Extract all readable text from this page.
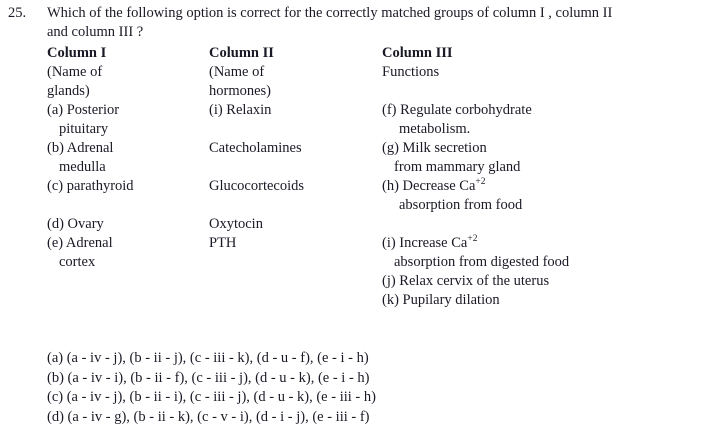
25.	Which of the following option is correct for the correctly matched groups of column I , column II
and column III ?
Column I
(Name of
glands)
(a) Posterior
pituitary
(b) Adrenal
medulla
(c) parathyroid

(d) Ovary
(e) Adrenal
cortex
Column II
(Name of
hormones)
(i) Relaxin

Catecholamines

Glucocortecoids

Oxytocin
PTH

Column III
Functions

(f) Regulate corbohydrate
metabolism.
(g) Milk secretion
from mammary gland
(h) Decrease $Ca^{+2}$
absorption from food

(i) Increase $Ca^{+2}$
absorption from digested food
(j) Relax cervix of the uterus
(k) Pupilary dilation
(a) (a - iv - j), (b - ii - j), (c - iii - k), (d - u - f), (e - i - h)
(b) (a - iv - i), (b - ii - f), (c - iii - j), (d - u - k), (e - i - h)
(c) (a - iv - j), (b - ii - i), (c - iii - j), (d - u - k), (e - iii - h)
(d) (a - iv - g), (b - ii - k), (c - v - i), (d - i - j), (e - iii - f)
